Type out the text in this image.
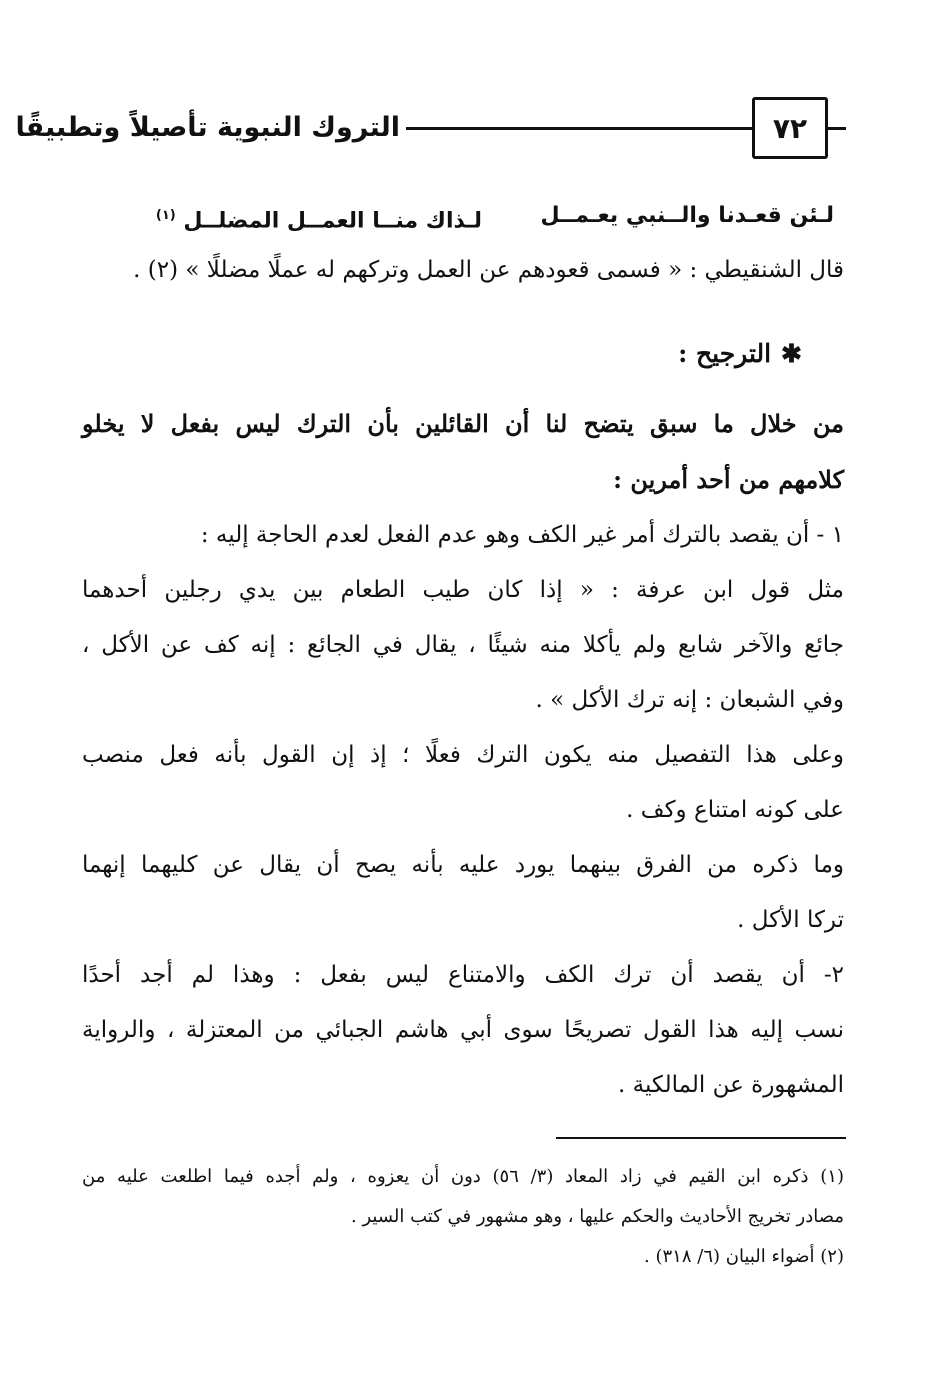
٧٢
التروك النبوية تأصيلاً وتطبيقًا
لـئن قعـدنا والــنبي يعـمــل
لـذاك منــا العمــل المضلــل $^{(١)}$
قال الشنقيطي : « فسمى قعودهم عن العمل وتركهم له عملًا مضللًا » (٢) .
✱الترجيح :
من خلال ما سبق يتضح لنا أن القائلين بأن الترك ليس بفعل لا يخلو
كلامهم من أحد أمرين :
١ - أن يقصد بالترك أمر غير الكف وهو عدم الفعل لعدم الحاجة إليه :
مثل قول ابن عرفة : « إذا كان طيب الطعام بين يدي رجلين أحدهما
جائع والآخر شابع ولم يأكلا منه شيئًا ، يقال في الجائع : إنه كف عن الأكل ،
وفي الشبعان : إنه ترك الأكل » .
وعلى هذا التفصيل منه يكون الترك فعلًا ؛ إذ إن القول بأنه فعل منصب
على كونه امتناع وكف .
وما ذكره من الفرق بينهما يورد عليه بأنه يصح أن يقال عن كليهما إنهما
تركا الأكل .
٢- أن يقصد أن ترك الكف والامتناع ليس بفعل : وهذا لم أجد أحدًا
نسب إليه هذا القول تصريحًا سوى أبي هاشم الجبائي من المعتزلة ، والرواية
المشهورة عن المالكية .
(١) ذكره ابن القيم في زاد المعاد (٣/ ٥٦) دون أن يعزوه ، ولم أجده فيما اطلعت عليه من
مصادر تخريج الأحاديث والحكم عليها ، وهو مشهور في كتب السير .
(٢) أضواء البيان (٦/ ٣١٨) .
